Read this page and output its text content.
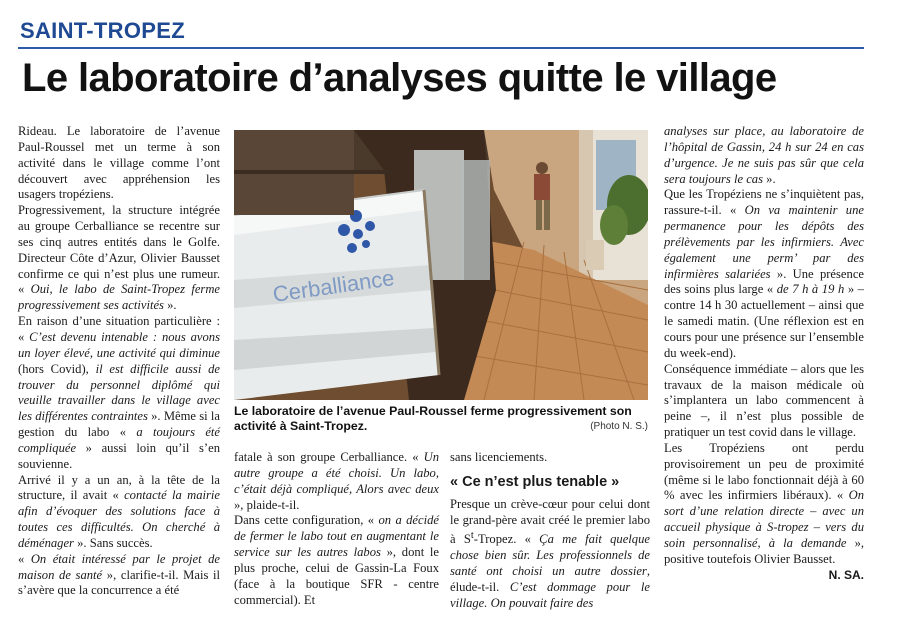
SAINT-TROPEZ
Le laboratoire d’analyses quitte le village

Rideau. Le laboratoire de l’avenue Paul-Roussel met un terme à son activité dans le village comme l’ont découvert avec appréhension les usagers tropéziens.

Progressivement, la structure intégrée au groupe Cerballiance se recentre sur ses cinq autres entités dans le Golfe. Directeur Côte d’Azur, Olivier Bausset confirme ce qui n’est plus une rumeur. « Oui, le labo de Saint-Tropez ferme progressivement ses activités ».

En raison d’une situation particulière : « C’est devenu intenable : nous avons un loyer élevé, une activité qui diminue (hors Covid), il est difficile aussi de trouver du personnel diplômé qui veuille travailler dans le village avec les différentes contraintes ». Même si la gestion du labo « a toujours été compliquée » aussi loin qu’il s’en souvienne.

Arrivé il y a un an, à la tête de la structure, il avait « contacté la mairie afin d’évoquer des solutions face à toutes ces difficultés. On cherché à déménager ». Sans succès.

« On était intéressé par le projet de maison de santé », clarifie-t-il. Mais il s’avère que la concurrence a été

Cerballiance
Le laboratoire de l’avenue Paul-Roussel ferme progressivement son activité à Saint-Tropez.	(Photo N. S.)

fatale à son groupe Cerballiance. « Un autre groupe a été choisi. Un labo, c’était déjà compliqué, Alors avec deux », plaide-t-il.

Dans cette configuration, « on a décidé de fermer le labo tout en augmentant le service sur les autres labos », dont le plus proche, celui de Gassin-La Foux (face à la boutique SFR - centre commercial). Et

sans licenciements.

« Ce n’est plus tenable »

Presque un crève-cœur pour celui dont le grand-père avait créé le premier labo à $S^t$-Tropez. « Ça me fait quelque chose bien sûr. Les professionnels de santé ont choisi un autre dossier, élude-t-il. C’est dommage pour le village. On pouvait faire des

analyses sur place, au laboratoire de l’hôpital de Gassin, 24 h sur 24 en cas d’urgence. Je ne suis pas sûr que cela sera toujours le cas ».

Que les Tropéziens ne s’inquiètent pas, rassure-t-il. « On va maintenir une permanence pour les dépôts des prélèvements par les infirmiers. Avec également une perm’ par des infirmières salariées ». Une présence des soins plus large « de 7 h à 19 h » – contre 14 h 30 actuellement – ainsi que le samedi matin. (Une réflexion est en cours pour une présence sur l’ensemble du week-end).

Conséquence immédiate – alors que les travaux de la maison médicale où s’implantera un labo commencent à peine –, il n’est plus possible de pratiquer un test covid dans le village.

Les Tropéziens ont perdu provisoirement un peu de proximité (même si le labo fonctionnait déjà à 60 % avec les infirmiers libéraux). « On sort d’une relation directe – avec un accueil physique à S-tropez – vers du soin personnalisé, à la demande », positive toutefois Olivier Bausset.

N. SA.
